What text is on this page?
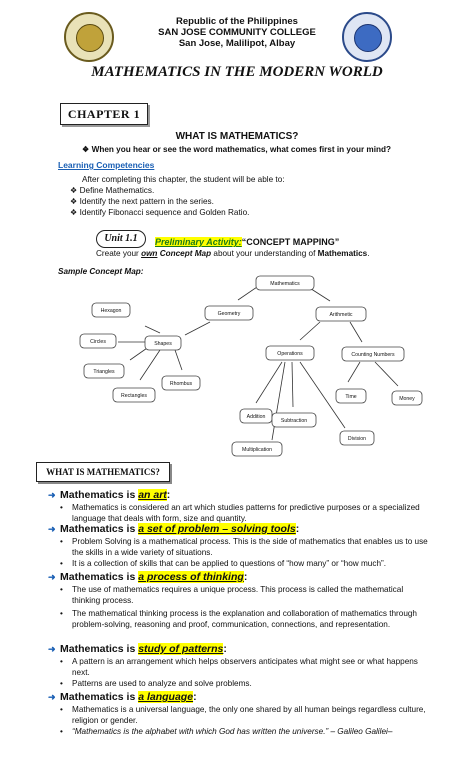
Republic of the Philippines
SAN JOSE COMMUNITY COLLEGE
San Jose, Malilipot, Albay
MATHEMATICS IN THE MODERN WORLD
CHAPTER 1
WHAT IS MATHEMATICS?
❖ When you hear or see the word mathematics, what comes first in your mind?
Learning Competencies
After completing this chapter, the student will be able to:
❖ Define Mathematics.
❖ Identify the next pattern in the series.
❖ Identify Fibonacci sequence and Golden Ratio.
Unit 1.1	Preliminary Activity:“CONCEPT MAPPING”
Create your own Concept Map about your understanding of Mathematics.
Sample Concept Map:
Mathematics
Geometry	Arithmetic
Hexagon
Circles	Shapes
Triangles
Rhombus
Rectangles
Operations	Counting Numbers
Time	Money
Addition
Subtraction
Division
Multiplication
WHAT IS MATHEMATICS?
➜ Mathematics is an art:
• Mathematics is considered an art which studies patterns for predictive purposes or a specialized language that deals with form, size and quantity.
➜ Mathematics is a set of problem – solving tools:
• Problem Solving is a mathematical process. This is the side of mathematics that enables us to use the skills in a wide variety of situations.
• It is a collection of skills that can be applied to questions of “how many” or “how much”.
➜ Mathematics is a process of thinking:
• The use of mathematics requires a unique process. This process is called the mathematical thinking process.
• The mathematical thinking process is the explanation and collaboration of mathematics through problem-solving, reasoning and proof, communication, connections, and representation.
➜ Mathematics is study of patterns:
• A pattern is an arrangement which helps observers anticipates what might see or what happens next.
• Patterns are used to analyze and solve problems.
➜ Mathematics is a language:
• Mathematics is a universal language, the only one shared by all human beings regardless culture, religion or gender.
• “Mathematics is the alphabet with which God has written the universe.” – Galileo Galilei–
